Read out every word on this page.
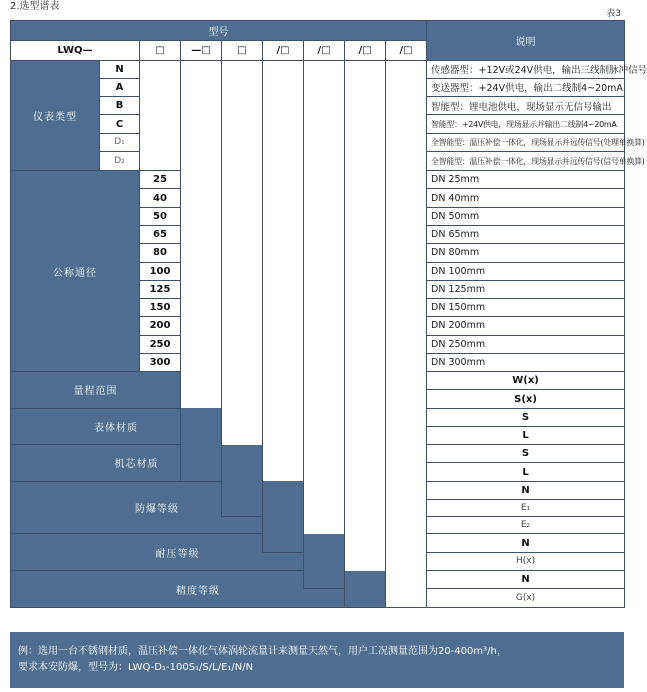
2.选型谱表
表3
型号									说明	
LWQ—		□	—□	□	/□	/□	/□	/□	
仪表类型	N								传感器型：+12V或24V供电，输出三线制脉冲信号	
	A								变送器型：+24V供电，输出二线制4~20mA	
	B								智能型：锂电池供电，现场显示无信号输出	
	C								智能型：+24V供电，现场显示并输出二线制4~20mA	
	D₁								全智能型：温压补偿一体化，现场显示并远传信号(处理单换算)	
	D₂								全智能型：温压补偿一体化，现场显示并远传信号(信号单换算)	
公称通径		25							DN 25mm	
		40							DN 40mm	
		50							DN 50mm	
		65							DN 65mm	
		80							DN 80mm	
		100							DN 100mm	
		125							DN 125mm	
		150							DN 150mm	
		200							DN 200mm	
		250							DN 250mm	
		300							DN 300mm	
量程范围									W(x)	
									S(x)	
表体材质									S	
									L	
机芯材质									S	
									L	
防爆等级									N	
									E₁	
									E₂	
耐压等级									N	
									H(x)	
精度等级									N	
									G(x)	
例：选用一台不锈钢材质，温压补偿一体化气体涡轮流量计来测量天然气，用户工况测量范围为20-400m³/h，
要求本安防爆，型号为：LWQ-D₁-100S₁/S/L/E₁/N/N
